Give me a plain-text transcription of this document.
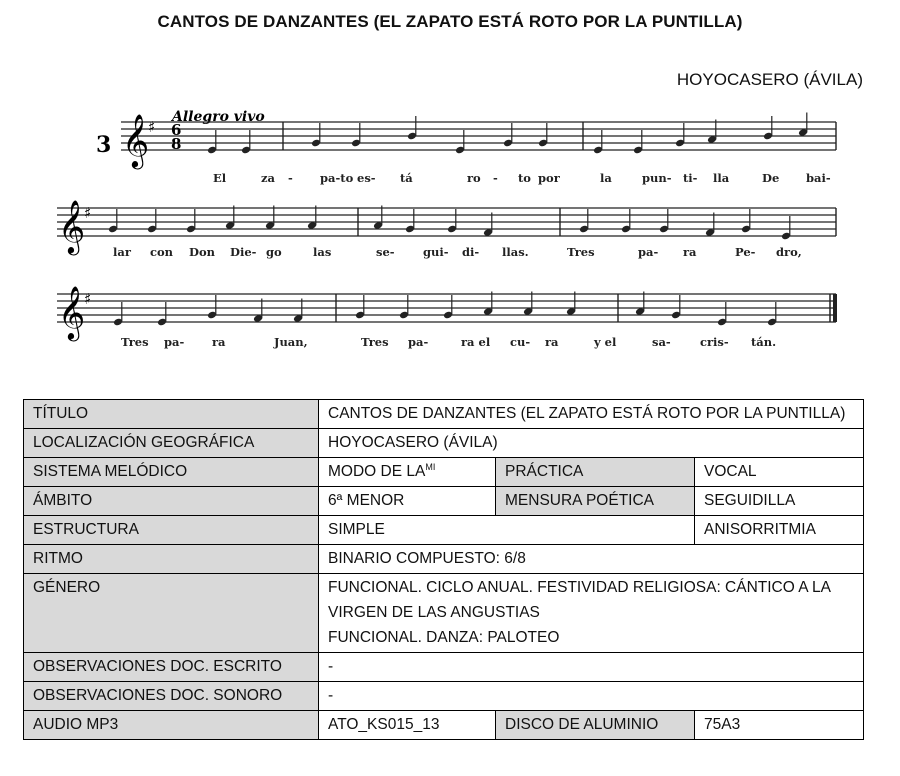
CANTOS DE DANZANTES (EL ZAPATO ESTÁ ROTO POR LA PUNTILLA)
HOYOCASERO (ÁVILA)
3
Allegro vivo
𝄞
♯ 6
8
𝄞
♯
𝄞
♯
El	za - pa-to es- tá	ro - to por	la	pun- ti- lla	De bai-
lar con Don Die- go	las	se- gui- di- llas.	Tres	pa- ra	Pe- dro,
Tres pa- ra	Juan,	Tres pa-	ra el cu- ra	y el	sa-	cris- tán.
TÍTULO	CANTOS DE DANZANTES (EL ZAPATO ESTÁ ROTO POR LA PUNTILLA)		
LOCALIZACIÓN GEOGRÁFICA	HOYOCASERO (ÁVILA)		
SISTEMA MELÓDICO	MODO DE $LA^{MI}$	PRÁCTICA	VOCAL
ÁMBITO	6ª MENOR	MENSURA POÉTICA	SEGUIDILLA
ESTRUCTURA	SIMPLE		ANISORRITMIA
RITMO	BINARIO COMPUESTO: 6/8		
GÉNERO	FUNCIONAL. CICLO ANUAL. FESTIVIDAD RELIGIOSA: CÁNTICO A LA VIRGEN DE LAS ANGUSTIAS
FUNCIONAL. DANZA: PALOTEO		

OBSERVACIONES DOC. ESCRITO	-		
OBSERVACIONES DOC. SONORO	-		
AUDIO MP3	ATO_KS015_13	DISCO DE ALUMINIO	75A3
